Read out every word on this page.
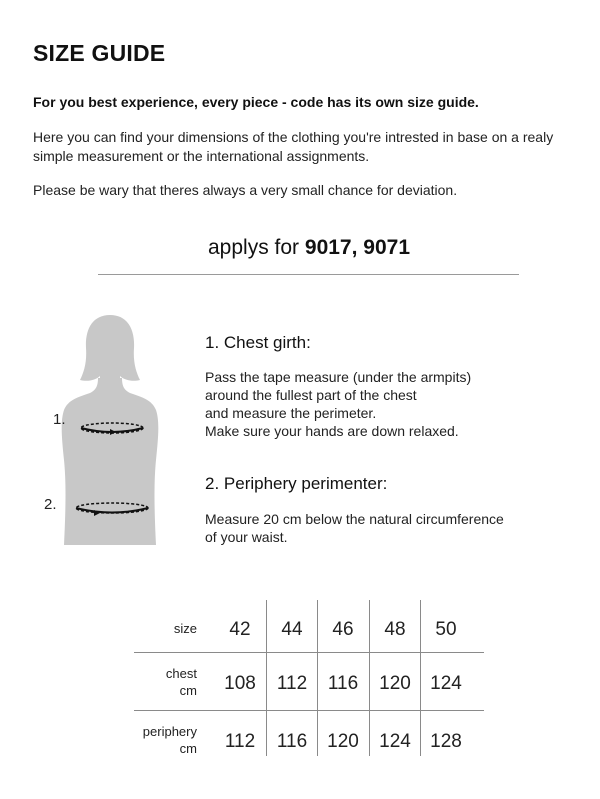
SIZE GUIDE
For you best experience, every piece - code has its own size guide.
Here you can find your dimensions of the clothing you're intrested in base on a realy simple measurement or the international assignments.
Please be wary that theres always a very small chance for deviation.
applys for 9017, 9071
1.
2.
1. Chest girth:
Pass the tape measure (under the armpits)
around the fullest part of the chest
and measure the perimeter.
Make sure your hands are down relaxed.
2. Periphery perimenter:
Measure 20 cm below the natural circumference
of your waist.
size	42	44	46	48	50
chest
cm	108	112	116	120	124
periphery
cm	112	116	120	124	128
